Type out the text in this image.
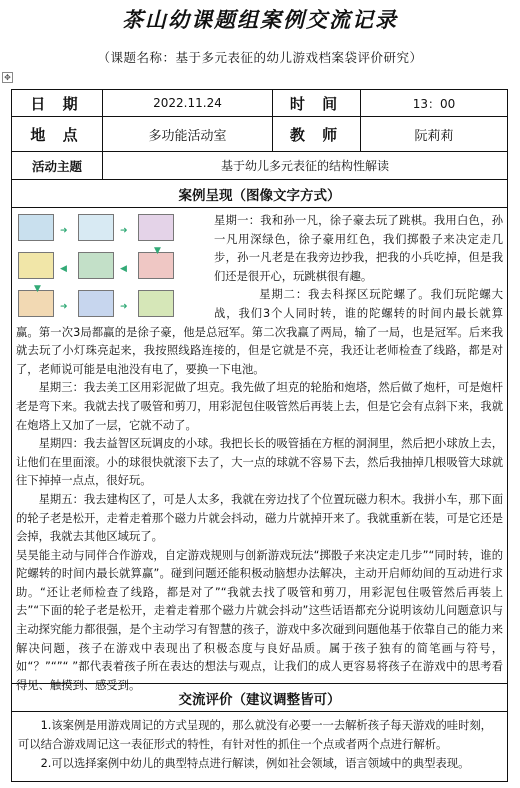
茶山幼课题组案例交流记录
（课题名称：基于多元表征的幼儿游戏档案袋评价研究）
✥
日 期	2022.11.24	时 间	13：00
地 点	多功能活动室	教 师	阮莉莉
活动主题	基于幼儿多元表征的结构性解读
案例呈现（图像文字方式）
➜	➜
▼
◀
◀
▼
➜	➜

星期一：我和孙一凡，徐子豪去玩了跳棋。我用白色，孙一凡用深绿色，徐子豪用红色，我们掷骰子来决定走几步，孙一凡老是在我旁边抄我，把我的小兵吃掉，但是我们还是很开心，玩跳棋很有趣。

星期二：我去科探区玩陀螺了。我们玩陀螺大战，我们3个人同时转，谁的陀螺转的时间内最长就算赢。第一次3局都赢的是徐子豪，他是总冠军。第二次我赢了两局，输了一局，也是冠军。后来我就去玩了小灯珠亮起来，我按照线路连接的，但是它就是不亮，我还让老师检查了线路，都是对了，老师说可能是电池没有电了，要换一下电池。

星期三：我去美工区用彩泥做了坦克。我先做了坦克的轮胎和炮塔，然后做了炮杆，可是炮杆老是弯下来。我就去找了吸管和剪刀，用彩泥包住吸管然后再装上去，但是它会有点斜下来，我就在炮塔上又加了一层，它就不动了。

星期四：我去益智区玩调皮的小球。我把长长的吸管插在方框的洞洞里，然后把小球放上去，让他们在里面滚。小的球很快就滚下去了，大一点的球就不容易下去，然后我抽掉几根吸管大球就往下掉掉一点点，很好玩。

星期五：我去建构区了，可是人太多，我就在旁边找了个位置玩磁力积木。我拼小车，那下面的轮子老是松开，走着走着那个磁力片就会抖动，磁力片就掉开来了。我就重新在装，可是它还是会掉，我就去其他区域玩了。

吴昊能主动与同伴合作游戏，自定游戏规则与创新游戏玩法“掷骰子来决定走几步”“同时转，谁的陀螺转的时间内最长就算赢”。碰到问题还能积极动脑想办法解决，主动开启师幼间的互动进行求助。“还让老师检查了线路，都是对了”“我就去找了吸管和剪刀，用彩泥包住吸管然后再装上去”“下面的轮子老是松开，走着走着那个磁力片就会抖动”这些话语都充分说明该幼儿问题意识与主动探究能力都很强，是个主动学习有智慧的孩子，游戏中多次碰到问题他基于依靠自己的能力来解决问题，孩子在游戏中表现出了积极态度与良好品质。属于孩子独有的简笔画与符号，如“？”“”“ ”都代表着孩子所在表达的想法与观点，让我们的成人更容易将孩子在游戏中的思考看得见、触摸到、感受到。

交流评价（建议调整皆可）

1.该案例是用游戏周记的方式呈现的，那么就没有必要一一去解析孩子每天游戏的哇时刻，可以结合游戏周记这一表征形式的特性，有针对性的抓住一个点或者两个点进行解析。

2.可以选择案例中幼儿的典型特点进行解读，例如社会领域，语言领域中的典型表现。
